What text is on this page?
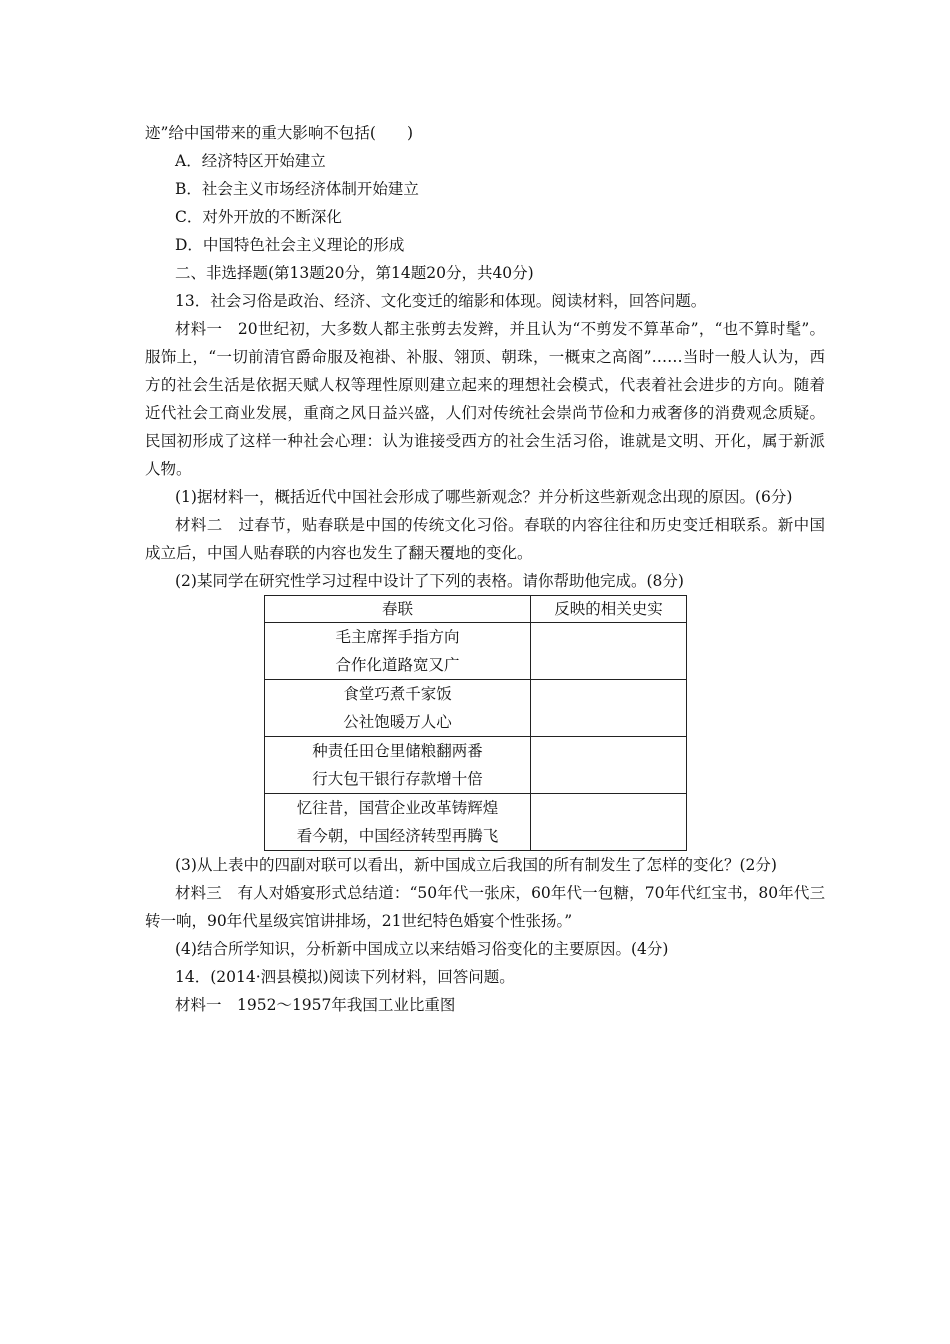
迹”给中国带来的重大影响不包括(　　)
A．经济特区开始建立
B．社会主义市场经济体制开始建立
C．对外开放的不断深化
D．中国特色社会主义理论的形成
二、非选择题(第13题20分，第14题20分，共40分)
13．社会习俗是政治、经济、文化变迁的缩影和体现。阅读材料，回答问题。
材料一　20世纪初，大多数人都主张剪去发辫，并且认为“不剪发不算革命”，“也不算时髦”。服饰上，“一切前清官爵命服及袍褂、补服、翎顶、朝珠，一概束之高阁”……当时一般人认为，西方的社会生活是依据天赋人权等理性原则建立起来的理想社会模式，代表着社会进步的方向。随着近代社会工商业发展，重商之风日益兴盛，人们对传统社会崇尚节俭和力戒奢侈的消费观念质疑。民国初形成了这样一种社会心理：认为谁接受西方的社会生活习俗，谁就是文明、开化，属于新派人物。
(1)据材料一，概括近代中国社会形成了哪些新观念？并分析这些新观念出现的原因。(6分)
材料二　过春节，贴春联是中国的传统文化习俗。春联的内容往往和历史变迁相联系。新中国成立后，中国人贴春联的内容也发生了翻天覆地的变化。
(2)某同学在研究性学习过程中设计了下列的表格。请你帮助他完成。(8分)
春联	反映的相关史实

毛主席挥手指方向
合作化道路宽又广	

食堂巧煮千家饭
公社饱暖万人心	

种责任田仓里储粮翻两番
行大包干银行存款增十倍	

忆往昔，国营企业改革铸辉煌
看今朝，中国经济转型再腾飞	

(3)从上表中的四副对联可以看出，新中国成立后我国的所有制发生了怎样的变化？(2分)
材料三　有人对婚宴形式总结道：“50年代一张床，60年代一包糖，70年代红宝书，80年代三转一响，90年代星级宾馆讲排场，21世纪特色婚宴个性张扬。”
(4)结合所学知识，分析新中国成立以来结婚习俗变化的主要原因。(4分)
14．(2014·泗县模拟)阅读下列材料，回答问题。
材料一　1952～1957年我国工业比重图
